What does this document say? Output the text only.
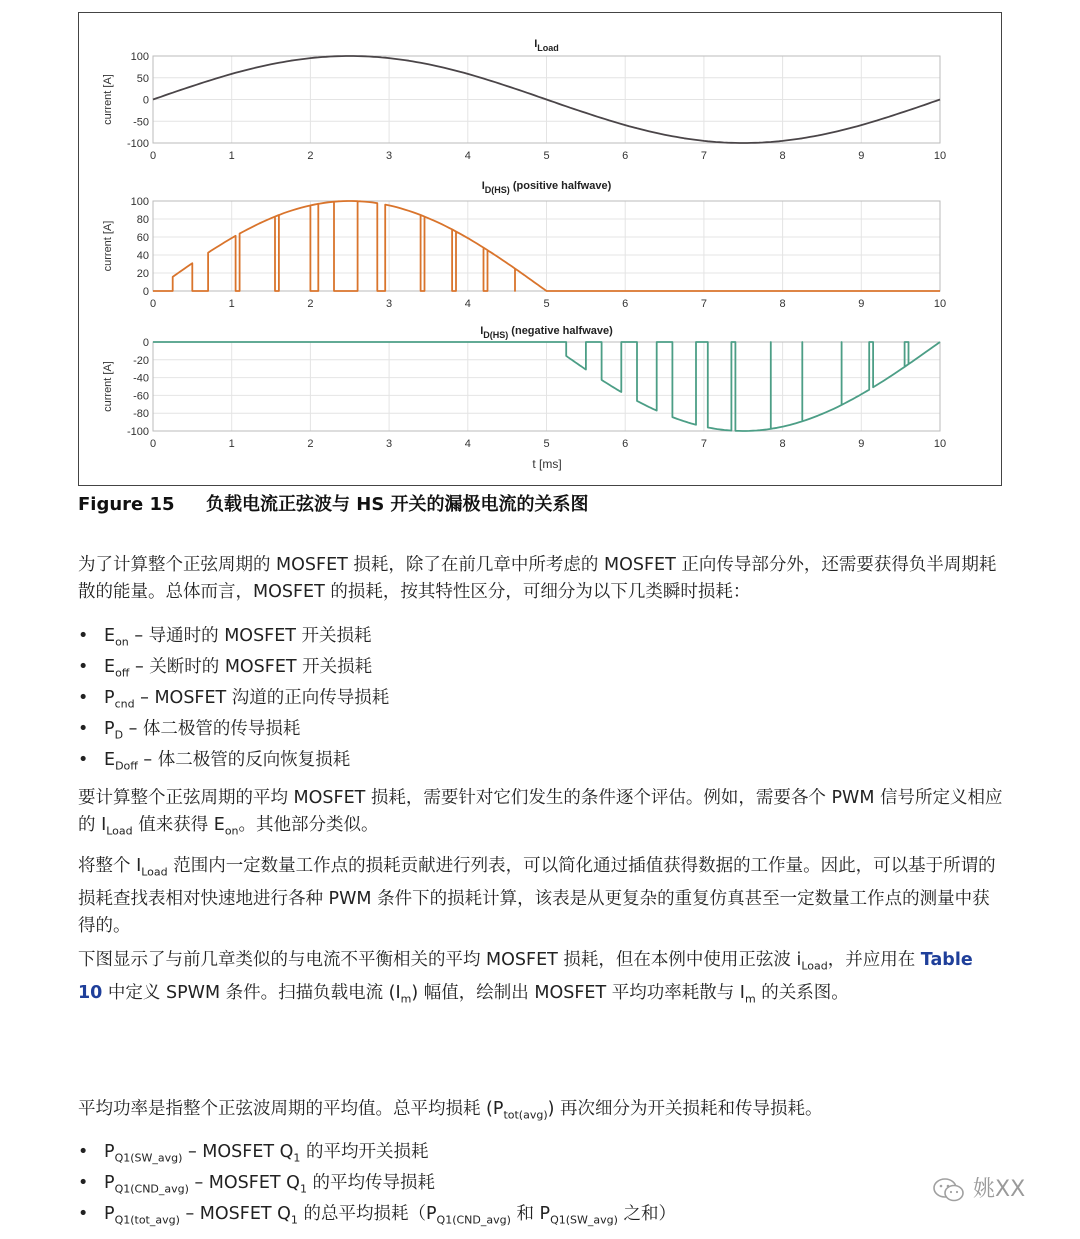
0	1	2	3	4	5	6	7	8	9	10
100
50
0
-50
-100
current [A]
$I_{Load}$
0	1	2	3	4	5	6	7	8	9	10
100
80
60
40
20
0
current [A]
$I_{D(HS)}$ (positive halfwave)
0	1	2	3	4	5	6	7	8	9	10
0
-20
-40
-60
-80
-100
current [A]
$I_{D(HS)}$ (negative halfwave)
t [ms]
Figure 15 负载电流正弦波与 HS 开关的漏极电流的关系图
为了计算整个正弦周期的 MOSFET 损耗，除了在前几章中所考虑的 MOSFET 正向传导部分外，还需要获得负半周期耗散的能量。总体而言，MOSFET 的损耗，按其特性区分，可细分为以下几类瞬时损耗：
• $E_{on}$ – 导通时的 MOSFET 开关损耗
• $E_{off}$ – 关断时的 MOSFET 开关损耗
• $P_{cnd}$ – MOSFET 沟道的正向传导损耗
• $P_D$ – 体二极管的传导损耗
• $E_{Doff}$ – 体二极管的反向恢复损耗
要计算整个正弦周期的平均 MOSFET 损耗，需要针对它们发生的条件逐个评估。例如，需要各个 PWM 信号所定义相应的 $I_{Load}$ 值来获得 $E_{on}$。其他部分类似。
将整个 $I_{Load}$ 范围内一定数量工作点的损耗贡献进行列表，可以简化通过插值获得数据的工作量。因此，可以基于所谓的损耗查找表相对快速地进行各种 PWM 条件下的损耗计算，该表是从更复杂的重复仿真甚至一定数量工作点的测量中获得的。
下图显示了与前几章类似的与电流不平衡相关的平均 MOSFET 损耗，但在本例中使用正弦波 $i_{Load}$，并应用在 Table 10 中定义 SPWM 条件。扫描负载电流 $(I_m)$ 幅值，绘制出 MOSFET 平均功率耗散与 $I_m$ 的关系图。
平均功率是指整个正弦波周期的平均值。总平均损耗 $(P_{tot(avg)})$ 再次细分为开关损耗和传导损耗。
• $P_{Q1(SW\_avg)}$ – MOSFET $Q_1$ 的平均开关损耗
• $P_{Q1(CND\_avg)}$ – MOSFET $Q_1$ 的平均传导损耗
• $P_{Q1(tot\_avg)}$ – MOSFET $Q_1$ 的总平均损耗（$P_{Q1(CND\_avg)}$ 和 $P_{Q1(SW\_avg)}$ 之和）
姚XX
